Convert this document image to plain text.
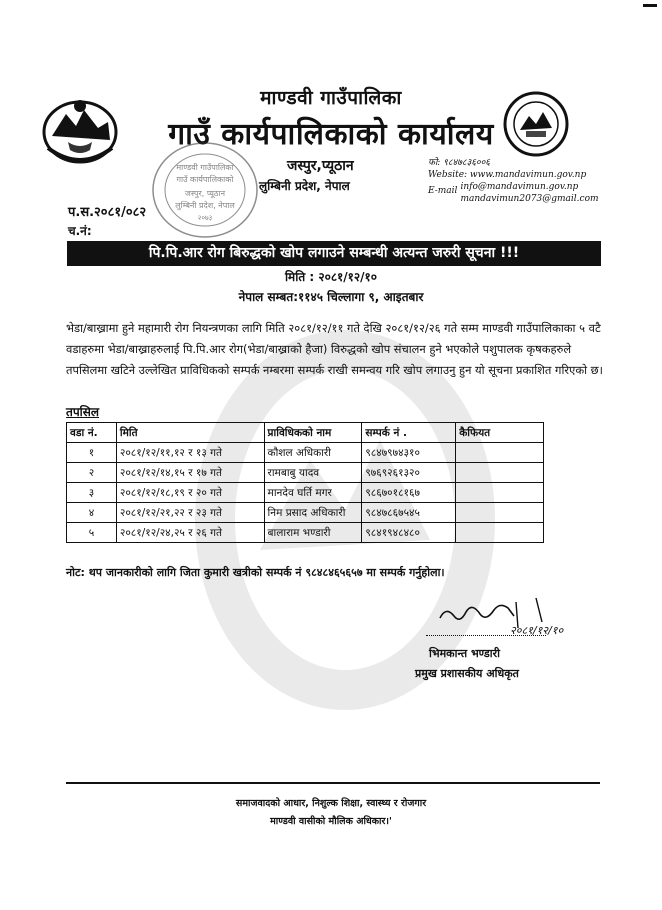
माण्डवी गाउँपालिका
गाउँ कार्यपालिकाको कार्यालय
जस्पुर,प्यूठान
लुम्बिनी प्रदेश, नेपाल
फो: ९८४७८३६००६
Website: www.mandavimun.gov.np
E-mail info@mandavimun.gov.np
mandavimun2073@gmail.com
माण्डवी गाउँपालिका
गाउँ कार्यपालिकाको
जस्पुर, प्यूठान
लुम्बिनी प्रदेश, नेपाल
२०७३
प.स.२०८१/०८२
च.नं:
पि.पि.आर रोग बिरुद्धको खोप लगाउने सम्बन्धी अत्यन्त जरुरी सूचना !!!
मिति : २०८१/१२/१०
नेपाल सम्बत:११४५ चिल्लागा ९, आइतबार
भेडा/बाख्रामा हुने महामारी रोग नियन्त्रणका लागि मिति २०८१/१२/११ गते देखि २०८१/१२/२६ गते सम्म माण्डवी गाउँपालिकाका ५ वटै वडाहरुमा भेडा/बाख्राहरुलाई पि.पि.आर रोग(भेडा/बाख्राको हैजा) विरुद्धको खोप संचालन हुने भएकोले पशुपालक कृषकहरुले तपसिलमा खटिने उल्लेखित प्राविधिकको सम्पर्क नम्बरमा सम्पर्क राखी समन्वय गरि खोप लगाउनु हुन यो सूचना प्रकाशित गरिएको छ।
तपसिल
वडा नं.	मिति	प्राविधिकको नाम	सम्पर्क नं .	कैफियत
१	२०८१/१२/११,१२ र १३ गते	कौशल अधिकारी	९८४७९७४३१०	
२	२०८१/१२/१४,१५ र १७ गते	रामबाबु यादव	९७६९२६१३२०	
३	२०८१/१२/१८,१९ र २० गते	मानदेव घर्ति मगर	९८६७०१८१६७	
४	२०८१/१२/२१,२२ र २३ गते	निम प्रसाद अधिकारी	९८४७८६७५४५	
५	२०८१/१२/२४,२५ र २६ गते	बालाराम भण्डारी	९८४१९४८४८०	
नोट: थप जानकारीको लागि जिता कुमारी खत्रीको सम्पर्क नं ९८४८४६५६५७ मा सम्पर्क गर्नुहोला।
२०८१/१२/१०
भिमकान्त भण्डारी
प्रमुख प्रशासकीय अधिकृत
समाजवादको आधार, निशुल्क शिक्षा, स्वास्थ्य र रोजगार
माण्डवी वासीको मौलिक अधिकार।'
